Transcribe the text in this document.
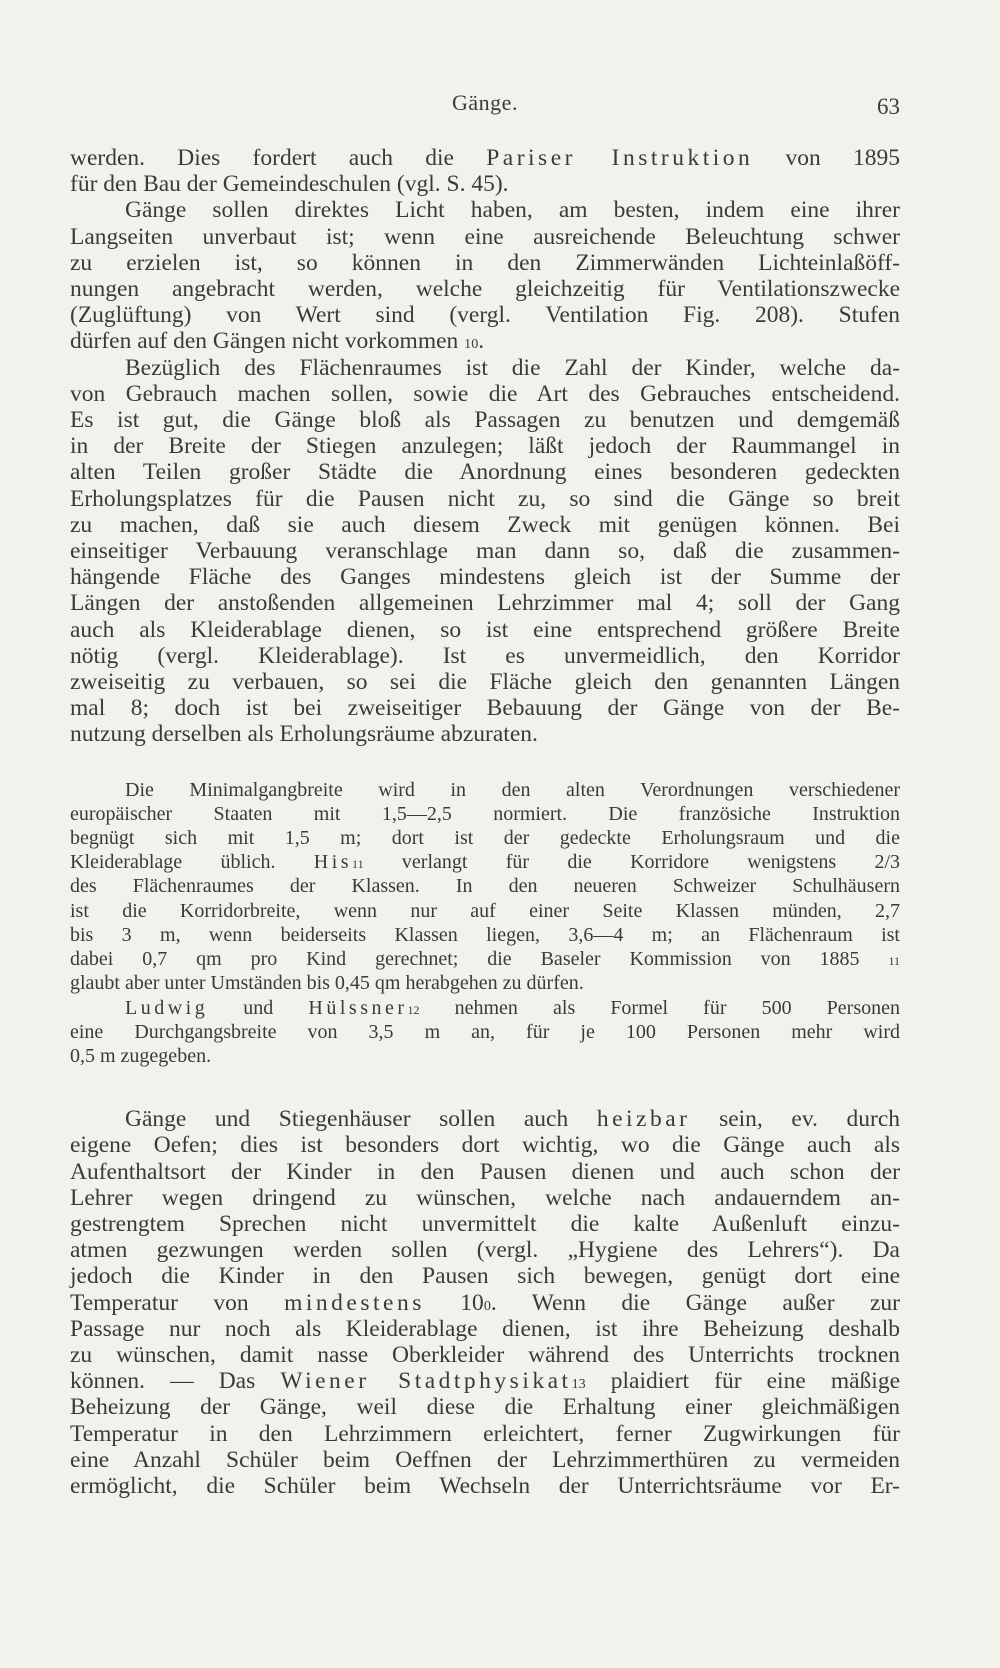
Gänge.	63

werden. Dies fordert auch die Pariser Instruktion von 1895

für den Bau der Gemeindeschulen (vgl. S. 45).

Gänge sollen direktes Licht haben, am besten, indem eine ihrer

Langseiten unverbaut ist; wenn eine ausreichende Beleuchtung schwer

zu erzielen ist, so können in den Zimmerwänden Lichteinlaßöff-

nungen angebracht werden, welche gleichzeitig für Ventilationszwecke

(Zuglüftung) von Wert sind (vergl. Ventilation Fig. 208). Stufen

dürfen auf den Gängen nicht vorkommen $^{10}$.

Bezüglich des Flächenraumes ist die Zahl der Kinder, welche da-

von Gebrauch machen sollen, sowie die Art des Gebrauches entscheidend.

Es ist gut, die Gänge bloß als Passagen zu benutzen und demgemäß

in der Breite der Stiegen anzulegen; läßt jedoch der Raummangel in

alten Teilen großer Städte die Anordnung eines besonderen gedeckten

Erholungsplatzes für die Pausen nicht zu, so sind die Gänge so breit

zu machen, daß sie auch diesem Zweck mit genügen können. Bei

einseitiger Verbauung veranschlage man dann so, daß die zusammen-

hängende Fläche des Ganges mindestens gleich ist der Summe der

Längen der anstoßenden allgemeinen Lehrzimmer mal 4; soll der Gang

auch als Kleiderablage dienen, so ist eine entsprechend größere Breite

nötig (vergl. Kleiderablage). Ist es unvermeidlich, den Korridor

zweiseitig zu verbauen, so sei die Fläche gleich den genannten Längen

mal 8; doch ist bei zweiseitiger Bebauung der Gänge von der Be-

nutzung derselben als Erholungsräume abzuraten.

Die Minimalgangbreite wird in den alten Verordnungen verschiedener

europäischer Staaten mit 1,5—2,5 normiert. Die französiche Instruktion

begnügt sich mit 1,5 m; dort ist der gedeckte Erholungsraum und die

Kleiderablage üblich. His$^{11}$ verlangt für die Korridore wenigstens 2/3

des Flächenraumes der Klassen. In den neueren Schweizer Schulhäusern

ist die Korridorbreite, wenn nur auf einer Seite Klassen münden, 2,7

bis 3 m, wenn beiderseits Klassen liegen, 3,6—4 m; an Flächenraum ist

dabei 0,7 qm pro Kind gerechnet; die Baseler Kommission von 1885 $^{11}$

glaubt aber unter Umständen bis 0,45 qm herabgehen zu dürfen.

Ludwig und Hülssner$^{12}$ nehmen als Formel für 500 Personen

eine Durchgangsbreite von 3,5 m an, für je 100 Personen mehr wird

0,5 m zugegeben.

Gänge und Stiegenhäuser sollen auch heizbar sein, ev. durch

eigene Oefen; dies ist besonders dort wichtig, wo die Gänge auch als

Aufenthaltsort der Kinder in den Pausen dienen und auch schon der

Lehrer wegen dringend zu wünschen, welche nach andauerndem an-

gestrengtem Sprechen nicht unvermittelt die kalte Außenluft einzu-

atmen gezwungen werden sollen (vergl. „Hygiene des Lehrers“). Da

jedoch die Kinder in den Pausen sich bewegen, genügt dort eine

Temperatur von mindestens $10^0$. Wenn die Gänge außer zur

Passage nur noch als Kleiderablage dienen, ist ihre Beheizung deshalb

zu wünschen, damit nasse Oberkleider während des Unterrichts trocknen

können. — Das Wiener Stadtphysikat$^{13}$ plaidiert für eine mäßige

Beheizung der Gänge, weil diese die Erhaltung einer gleichmäßigen

Temperatur in den Lehrzimmern erleichtert, ferner Zugwirkungen für

eine Anzahl Schüler beim Oeffnen der Lehrzimmerthüren zu vermeiden

ermöglicht, die Schüler beim Wechseln der Unterrichtsräume vor Er-
